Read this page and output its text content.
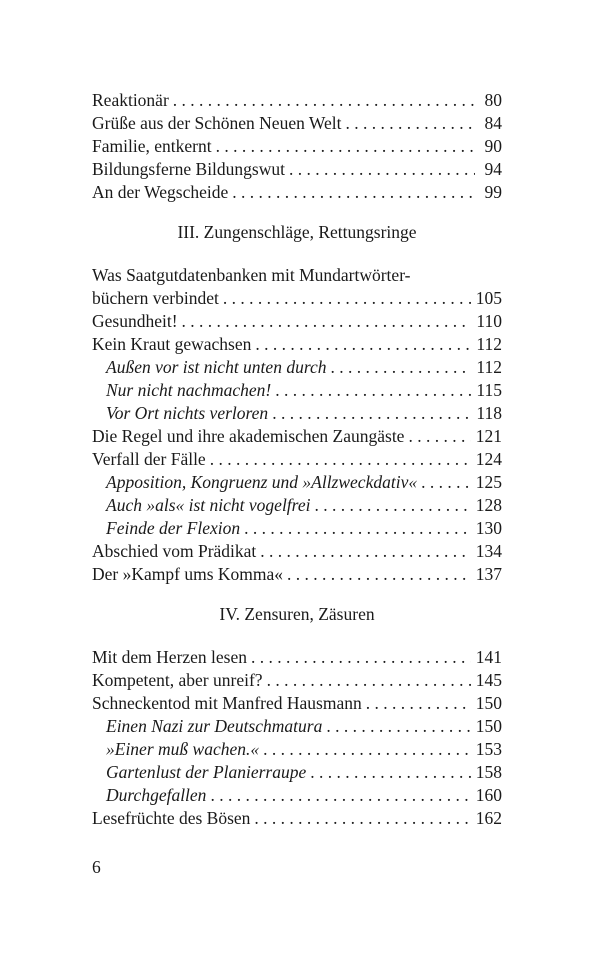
Reaktionär . . .	80
Grüße aus der Schönen Neuen Welt . . .	84
Familie, entkernt . . .	90
Bildungsferne Bildungswut . . .	94
An der Wegscheide . . .	99
III. Zungenschläge, Rettungsringe
Was Saatgutdatenbanken mit Mundartwörter-
büchern verbindet . . .	105
Gesundheit! . . .	110
Kein Kraut gewachsen . . .	112
Außen vor ist nicht unten durch . . .	112
Nur nicht nachmachen! . . .	115
Vor Ort nichts verloren . . .	118
Die Regel und ihre akademischen Zaungäste . . .	121
Verfall der Fälle . . .	124
Apposition, Kongruenz und »Allzweckdativ« . . .	125
Auch »als« ist nicht vogelfrei . . .	128
Feinde der Flexion . . .	130
Abschied vom Prädikat . . .	134
Der »Kampf ums Komma« . . .	137
IV. Zensuren, Zäsuren
Mit dem Herzen lesen . . .	141
Kompetent, aber unreif? . . .	145
Schneckentod mit Manfred Hausmann . . .	150
Einen Nazi zur Deutschmatura . . .	150
»Einer muß wachen.« . . .	153
Gartenlust der Planierraupe . . .	158
Durchgefallen . . .	160
Lesefrüchte des Bösen . . .	162
6
